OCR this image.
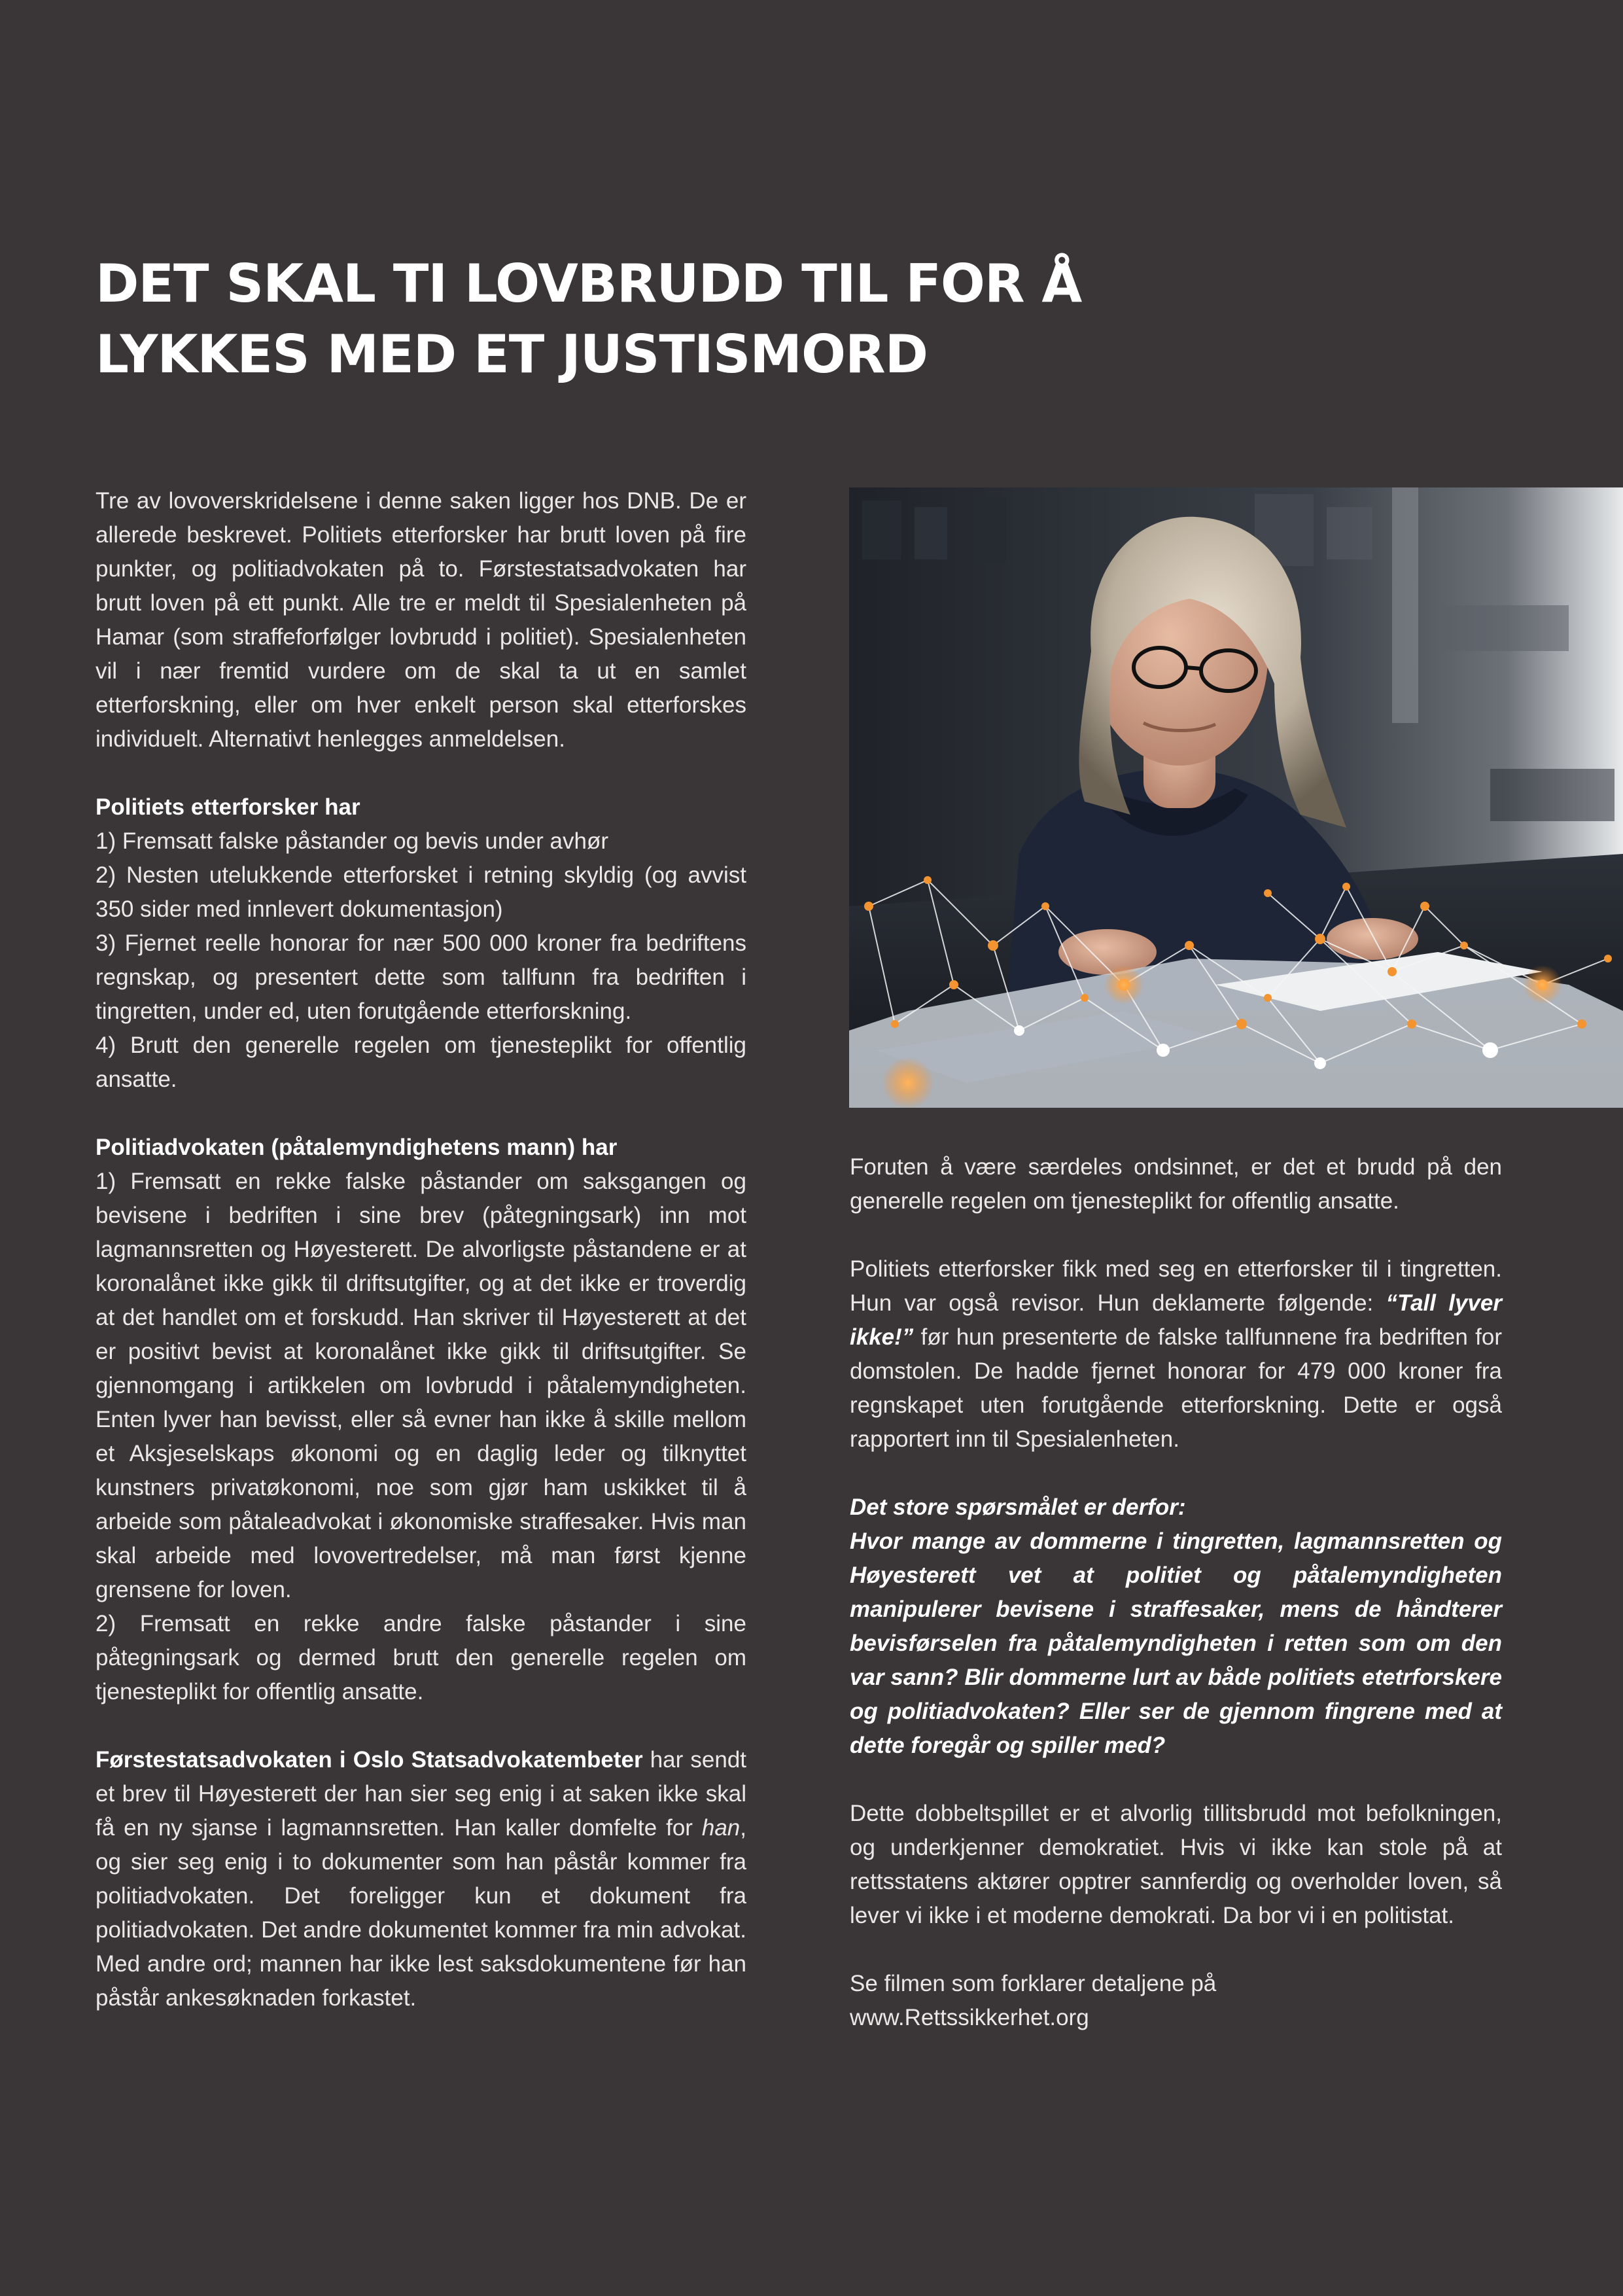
DET SKAL TI LOVBRUDD TIL FOR Å
LYKKES MED ET JUSTISMORD

Tre av lovoverskridelsene i denne saken ligger hos DNB. De er allerede beskrevet. Politiets etterforsker har brutt loven på fire punkter, og politiadvokaten på to. Førstestatsadvokaten har brutt loven på ett punkt. Alle tre er meldt til Spesialenheten på Hamar (som straffeforfølger lovbrudd i politiet). Spesialenheten vil i nær fremtid vurdere om de skal ta ut en samlet etterforskning, eller om hver enkelt person skal etterforskes individuelt. Alternativt henlegges anmeldelsen.

Politiets etterforsker har
1) Fremsatt falske påstander og bevis under avhør
2) Nesten utelukkende etterforsket i retning skyldig (og avvist 350 sider med innlevert dokumentasjon)
3) Fjernet reelle honorar for nær 500 000 kroner fra bedriftens regnskap, og presentert dette som tallfunn fra bedriften i tingretten, under ed, uten forutgående etterforskning.
4) Brutt den generelle regelen om tjenesteplikt for offentlig ansatte.

Politiadvokaten (påtalemyndighetens mann) har
1) Fremsatt en rekke falske påstander om saksgangen og bevisene i bedriften i sine brev (påtegningsark) inn mot lagmannsretten og Høyesterett. De alvorligste påstandene er at koronalånet ikke gikk til driftsutgifter, og at det ikke er troverdig at det handlet om et forskudd. Han skriver til Høyesterett at det er positivt bevist at koronalånet ikke gikk til driftsutgifter. Se gjennomgang i artikkelen om lovbrudd i påtalemyndigheten. Enten lyver han bevisst, eller så evner han ikke å skille mellom et Aksjeselskaps økonomi og en daglig leder og tilknyttet kunstners privatøkonomi, noe som gjør ham uskikket til å arbeide som påtaleadvokat i økonomiske straffesaker. Hvis man skal arbeide med lovovertredelser, må man først kjenne grensene for loven.
2) Fremsatt en rekke andre falske påstander i sine påtegningsark og dermed brutt den generelle regelen om tjenesteplikt for offentlig ansatte.

Førstestatsadvokaten i Oslo Statsadvokatembeter har sendt et brev til Høyesterett der han sier seg enig i at saken ikke skal få en ny sjanse i lagmannsretten. Han kaller domfelte for han, og sier seg enig i to dokumenter som han påstår kommer fra politiadvokaten. Det foreligger kun et dokument fra politiadvokaten. Det andre dokumentet kommer fra min advokat. Med andre ord; mannen har ikke lest saksdokumentene før han påstår ankesøknaden forkastet.

Foruten å være særdeles ondsinnet, er det et brudd på den generelle regelen om tjenesteplikt for offentlig ansatte.

Politiets etterforsker fikk med seg en etterforsker til i tingretten. Hun var også revisor. Hun deklamerte følgende: “Tall lyver ikke!” før hun presenterte de falske tallfunnene fra bedriften for domstolen. De hadde fjernet honorar for 479 000 kroner fra regnskapet uten forutgående etterforskning. Dette er også rapportert inn til Spesialenheten.

Det store spørsmålet er derfor:
Hvor mange av dommerne i tingretten, lagmannsretten og Høyesterett vet at politiet og påtalemyndigheten manipulerer bevisene i straffesaker, mens de håndterer bevisførselen fra påtalemyndigheten i retten som om den var sann? Blir dommerne lurt av både politiets etetrforskere og politiadvokaten? Eller ser de gjennom fingrene med at dette foregår og spiller med?

Dette dobbeltspillet er et alvorlig tillitsbrudd mot befolkningen, og underkjenner demokratiet. Hvis vi ikke kan stole på at rettsstatens aktører opptrer sannferdig og overholder loven, så lever vi ikke i et moderne demokrati. Da bor vi i en politistat.

Se filmen som forklarer detaljene på
www.Rettssikkerhet.org
